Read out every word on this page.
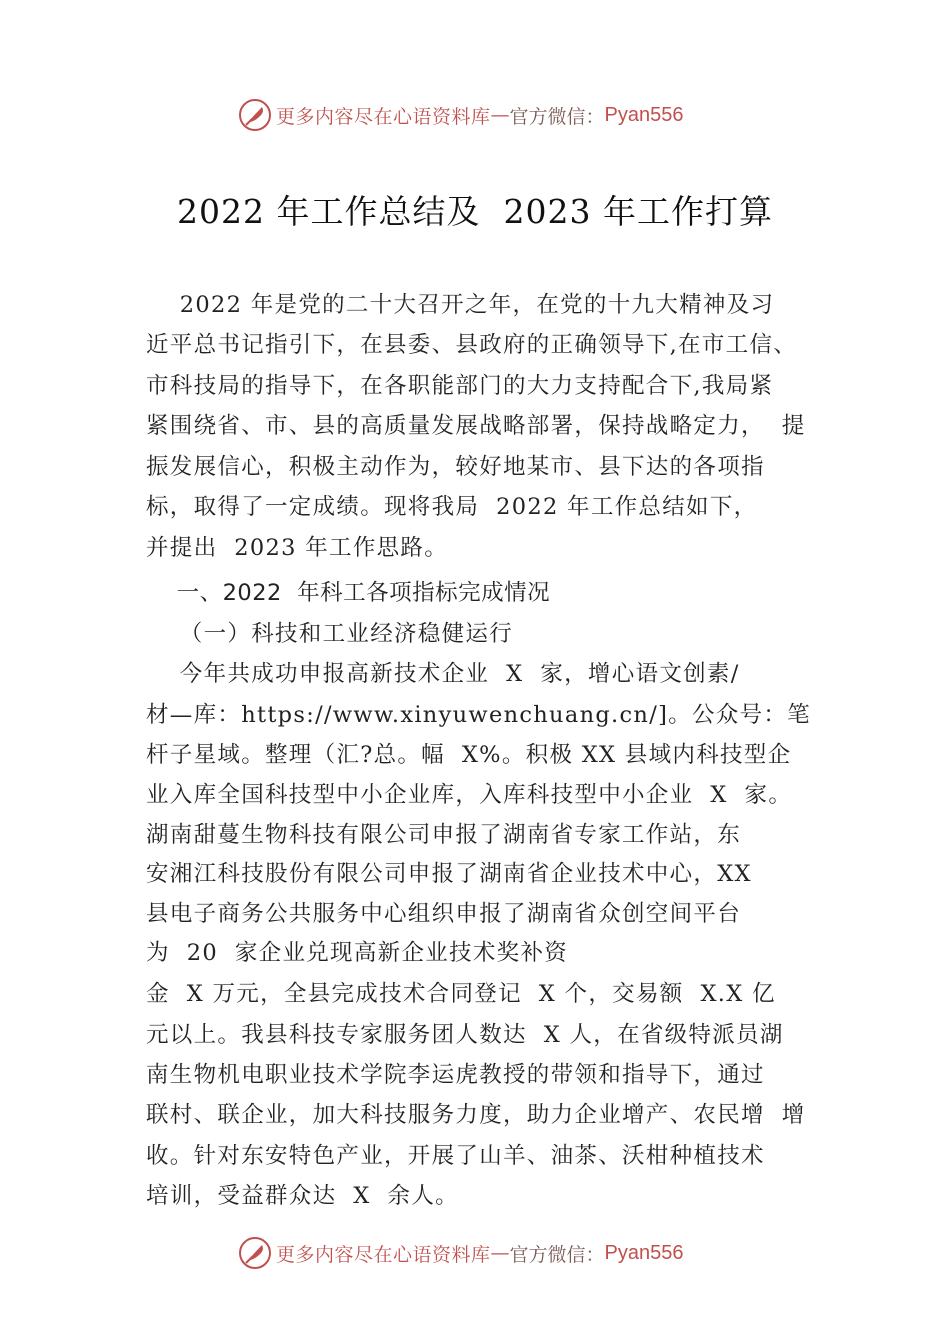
更多内容尽在心语资料库 — 官方微信： Pyan556
2022 年工作总结及  2023 年工作打算
2022 年是党的二十大召开之年，在党的十九大精神及习
近平总书记指引下，在县委、县政府的正确领导下,在市工信、
市科技局的指导下，在各职能部门的大力支持配合下,我局紧
紧围绕省、市、县的高质量发展战略部署，保持战略定力，  提
振发展信心，积极主动作为，较好地某市、县下达的各项指
标，取得了一定成绩。现将我局  2022 年工作总结如下，
并提出  2023 年工作思路。
一、2022  年科工各项指标完成情况
（一）科技和工业经济稳健运行
今年共成功申报高新技术企业  X  家，增心语文创素/
材—库：https://www.xinyuwenchuang.cn/]。公众号：笔
杆子星域。整理（汇?总。幅  X%。积极 XX 县域内科技型企
业入库全国科技型中小企业库，入库科技型中小企业  X  家。
湖南甜蔓生物科技有限公司申报了湖南省专家工作站，东
安湘江科技股份有限公司申报了湖南省企业技术中心，XX
县电子商务公共服务中心组织申报了湖南省众创空间平台
为  20  家企业兑现高新企业技术奖补资
金  X 万元，全县完成技术合同登记  X 个，交易额  X.X 亿
元以上。我县科技专家服务团人数达  X 人，在省级特派员湖
南生物机电职业技术学院李运虎教授的带领和指导下，通过
联村、联企业，加大科技服务力度，助力企业增产、农民增  增
收。针对东安特色产业，开展了山羊、油茶、沃柑种植技术
培训，受益群众达  X  余人。
更多内容尽在心语资料库 — 官方微信： Pyan556
